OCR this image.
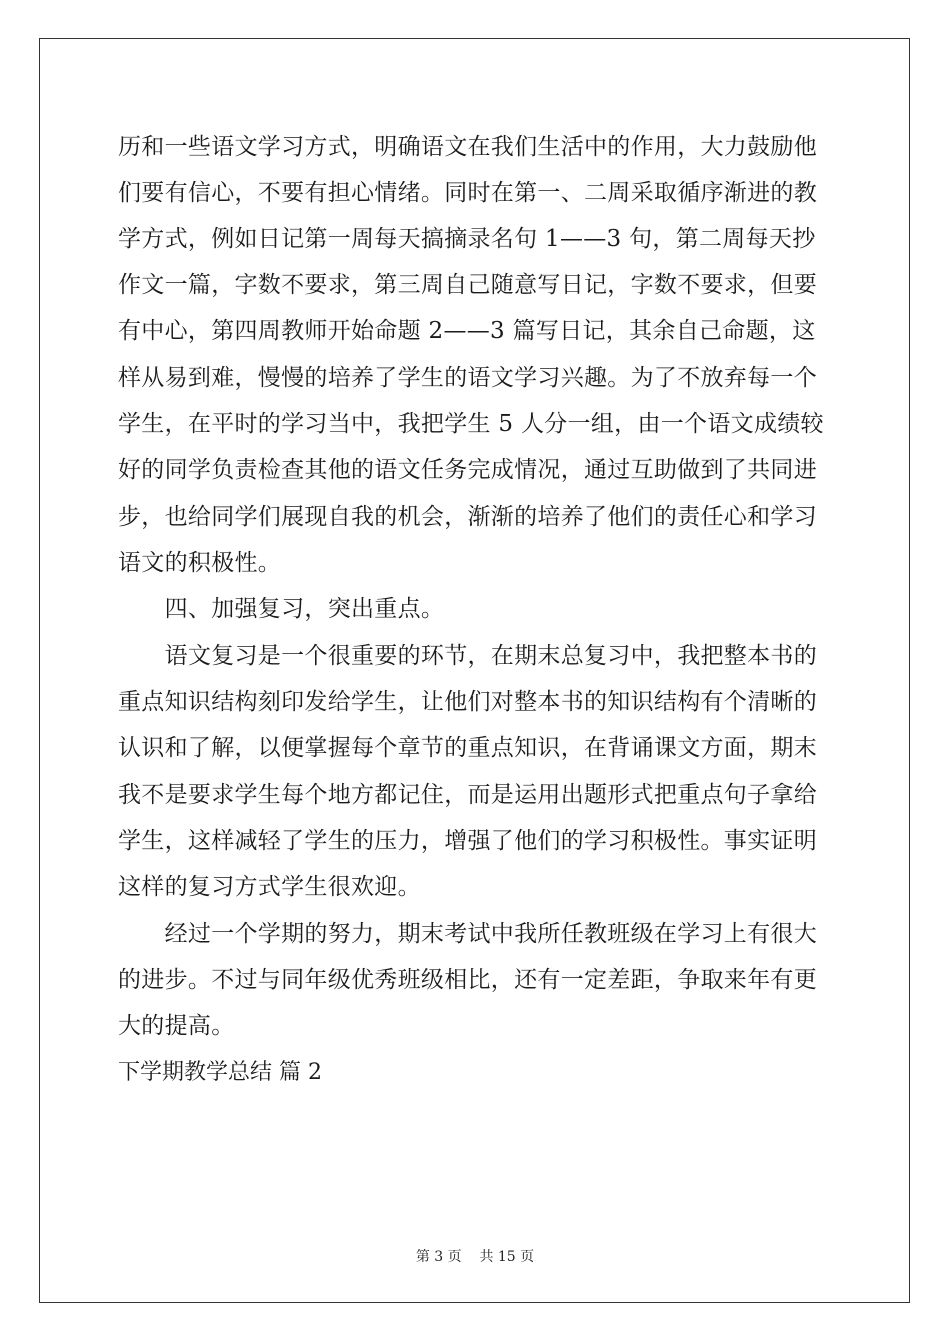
历和一些语文学习方式，明确语文在我们生活中的作用，大力鼓励他
们要有信心，不要有担心情绪。同时在第一、二周采取循序渐进的教
学方式，例如日记第一周每天搞摘录名句 1——3 句，第二周每天抄
作文一篇，字数不要求，第三周自己随意写日记，字数不要求，但要
有中心，第四周教师开始命题 2——3 篇写日记，其余自己命题，这
样从易到难，慢慢的培养了学生的语文学习兴趣。为了不放弃每一个
学生，在平时的学习当中，我把学生 5 人分一组，由一个语文成绩较
好的同学负责检查其他的语文任务完成情况，通过互助做到了共同进
步，也给同学们展现自我的机会，渐渐的培养了他们的责任心和学习
语文的积极性。
　　四、加强复习，突出重点。
　　语文复习是一个很重要的环节，在期末总复习中，我把整本书的
重点知识结构刻印发给学生，让他们对整本书的知识结构有个清晰的
认识和了解，以便掌握每个章节的重点知识，在背诵课文方面，期末
我不是要求学生每个地方都记住，而是运用出题形式把重点句子拿给
学生，这样减轻了学生的压力，增强了他们的学习积极性。事实证明
这样的复习方式学生很欢迎。
　　经过一个学期的努力，期末考试中我所任教班级在学习上有很大
的进步。不过与同年级优秀班级相比，还有一定差距，争取来年有更
大的提高。
下学期教学总结 篇 2
第 3 页 共 15 页
